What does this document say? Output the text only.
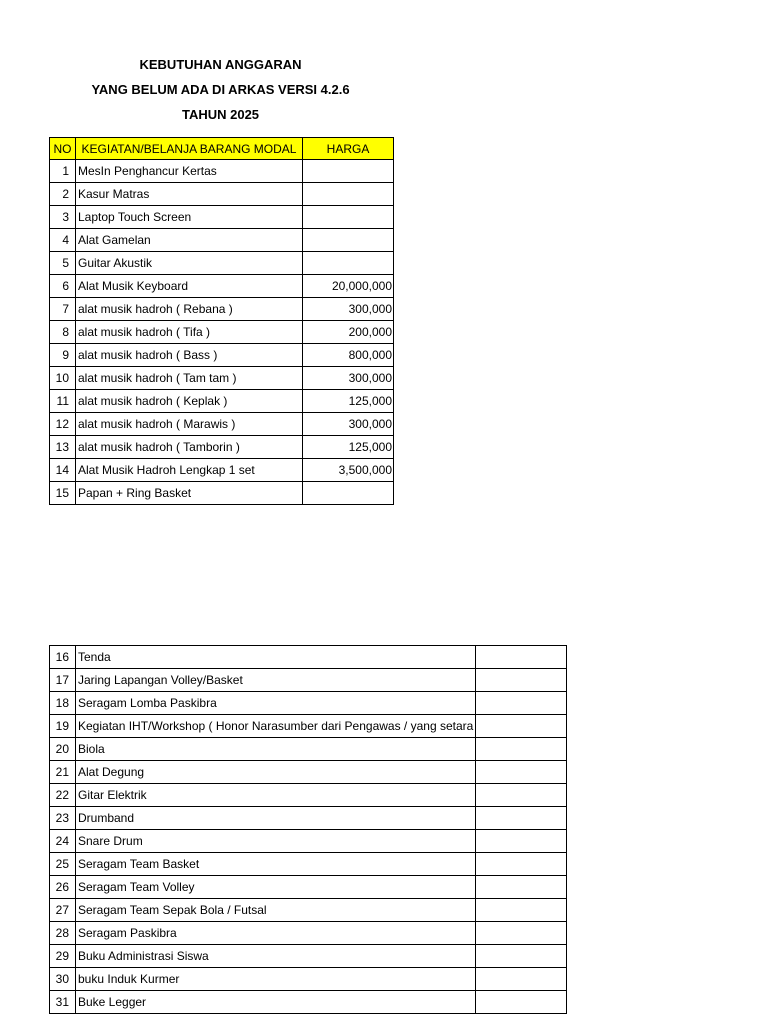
KEBUTUHAN ANGGARAN
YANG BELUM ADA DI ARKAS VERSI 4.2.6
TAHUN 2025
NO	KEGIATAN/BELANJA BARANG MODAL	HARGA
1	MesIn Penghancur Kertas	
2	Kasur Matras	
3	Laptop Touch Screen	
4	Alat Gamelan	
5	Guitar Akustik	
6	Alat Musik Keyboard	20,000,000
7	alat musik hadroh ( Rebana )	300,000
8	alat musik hadroh ( Tifa )	200,000
9	alat musik hadroh ( Bass )	800,000
10	alat musik hadroh ( Tam tam )	300,000
11	alat musik hadroh ( Keplak )	125,000
12	alat musik hadroh ( Marawis )	300,000
13	alat musik hadroh ( Tamborin )	125,000
14	Alat Musik Hadroh Lengkap 1 set	3,500,000
15	Papan + Ring Basket	
16	Tenda	
17	Jaring Lapangan Volley/Basket	
18	Seragam Lomba Paskibra	
19	Kegiatan IHT/Workshop ( Honor Narasumber dari Pengawas / yang setara	
20	Biola	
21	Alat Degung	
22	Gitar Elektrik	
23	Drumband	
24	Snare Drum	
25	Seragam Team Basket	
26	Seragam Team Volley	
27	Seragam Team Sepak Bola / Futsal	
28	Seragam Paskibra	
29	Buku Administrasi Siswa	
30	buku Induk Kurmer	
31	Buke Legger	
